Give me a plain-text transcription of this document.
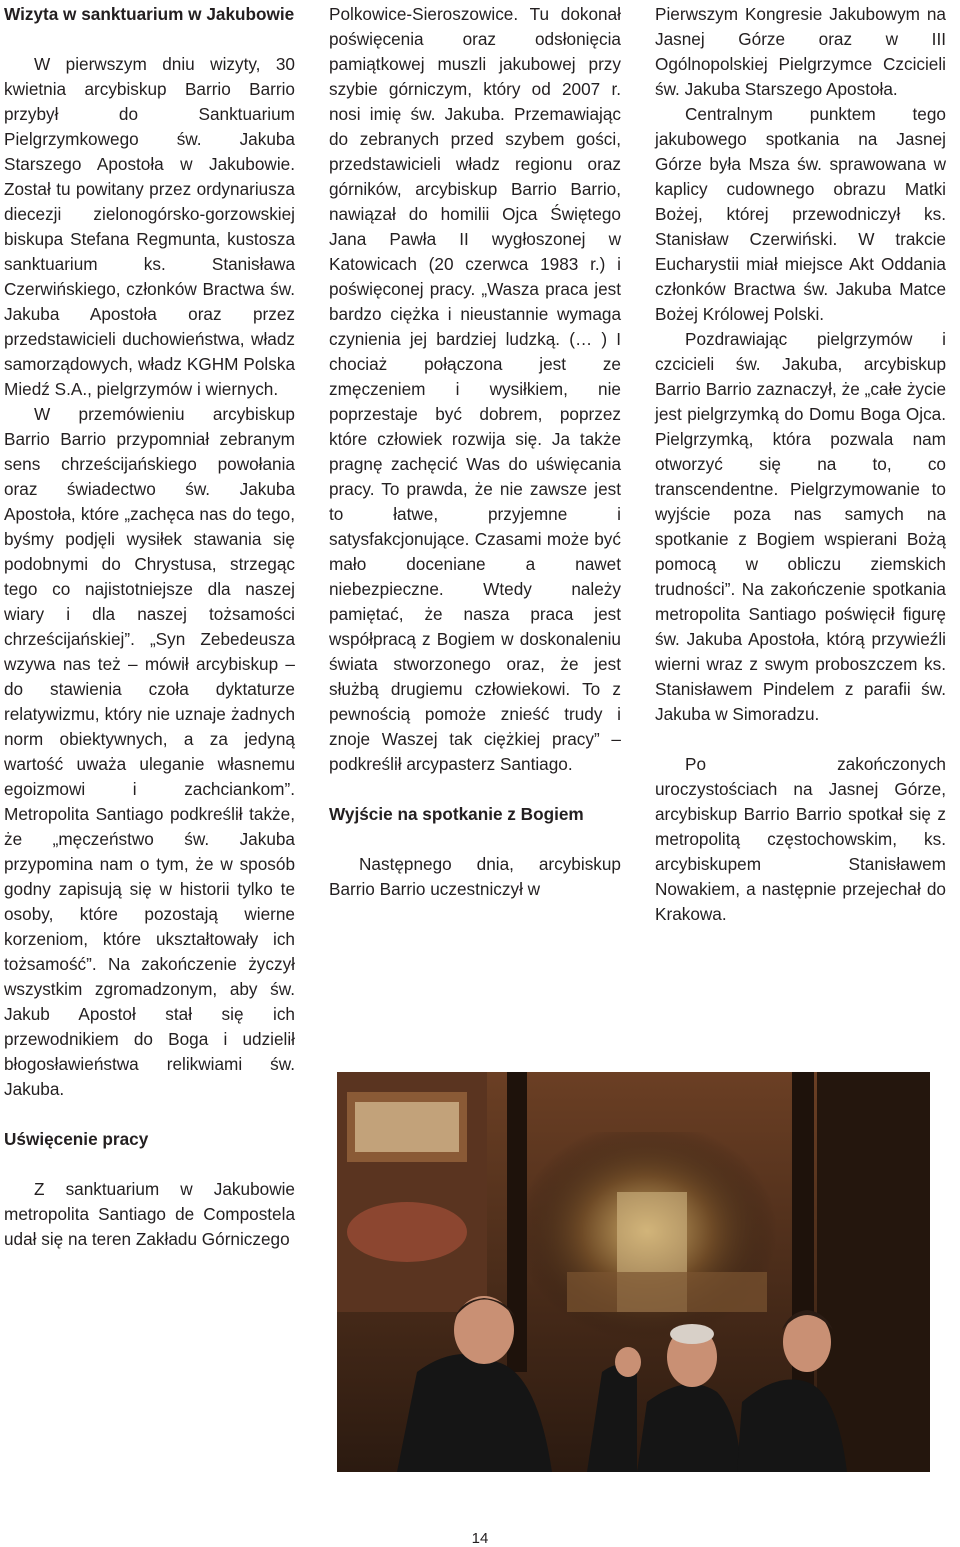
Wizyta w sanktuarium w Jakubowie

W pierwszym dniu wizyty, 30 kwietnia arcybiskup Barrio Barrio przybył do Sanktuarium Pielgrzymkowego św. Jakuba Starszego Apostoła w Jakubowie. Został tu powitany przez ordynariusza diecezji zielonogórsko-gorzowskiej biskupa Stefana Regmunta, kustosza sanktuarium ks. Stanisława Czerwińskiego, członków Bractwa św. Jakuba Apostoła oraz przez przedstawicieli duchowieństwa, władz samorządowych, władz KGHM Polska Miedź S.A., pielgrzymów i wiernych.

W przemówieniu arcybiskup Barrio Barrio przypomniał zebranym sens chrześcijańskiego powołania oraz świadectwo św. Jakuba Apostoła, które „zachęca nas do tego, byśmy podjęli wysiłek stawania się podobnymi do Chrystusa, strzegąc tego co najistotniejsze dla naszej wiary i dla naszej tożsamości chrześcijańskiej”. „Syn Zebedeusza wzywa nas też – mówił arcybiskup – do stawienia czoła dyktaturze relatywizmu, który nie uznaje żadnych norm obiektywnych, a za jedyną wartość uważa uleganie własnemu egoizmowi i zachciankom”. Metropolita Santiago podkreślił także, że „męczeństwo św. Jakuba przypomina nam o tym, że w sposób godny zapisują się w historii tylko te osoby, które pozostają wierne korzeniom, które ukształtowały ich tożsamość”. Na zakończenie życzył wszystkim zgromadzonym, aby św. Jakub Apostoł stał się ich przewodnikiem do Boga i udzielił błogosławieństwa relikwiami św. Jakuba.

Uświęcenie pracy

Z sanktuarium w Jakubowie metropolita Santiago de Compostela udał się na teren Zakładu Górniczego

Polkowice-Sieroszowice. Tu dokonał poświęcenia oraz odsłonięcia pamiątkowej muszli jakubowej przy szybie górniczym, który od 2007 r. nosi imię św. Jakuba. Przemawiając do zebranych przed szybem gości, przedstawicieli władz regionu oraz górników, arcybiskup Barrio Barrio, nawiązał do homilii Ojca Świętego Jana Pawła II wygłoszonej w Katowicach (20 czerwca 1983 r.) i poświęconej pracy. „Wasza praca jest bardzo ciężka i nieustannie wymaga czynienia jej bardziej ludzką. (… ) I chociaż połączona jest ze zmęczeniem i wysiłkiem, nie poprzestaje być dobrem, poprzez które człowiek rozwija się. Ja także pragnę zachęcić Was do uświęcania pracy. To prawda, że nie zawsze jest to łatwe, przyjemne i satysfakcjonujące. Czasami może być mało doceniane a nawet niebezpieczne. Wtedy należy pamiętać, że nasza praca jest współpracą z Bogiem w doskonaleniu świata stworzonego oraz, że jest służbą drugiemu człowiekowi. To z pewnością pomoże znieść trudy i znoje Waszej tak ciężkiej pracy” – podkreślił arcypasterz Santiago.

Wyjście na spotkanie z Bogiem

Następnego dnia, arcybiskup Barrio Barrio uczestniczył w

Pierwszym Kongresie Jakubowym na Jasnej Górze oraz w III Ogólnopolskiej Pielgrzymce Czcicieli św. Jakuba Starszego Apostoła.

Centralnym punktem tego jakubowego spotkania na Jasnej Górze była Msza św. sprawowana w kaplicy cudownego obrazu Matki Bożej, której przewodniczył ks. Stanisław Czerwiński. W trakcie Eucharystii miał miejsce Akt Oddania członków Bractwa św. Jakuba Matce Bożej Królowej Polski.

Pozdrawiając pielgrzymów i czcicieli św. Jakuba, arcybiskup Barrio Barrio zaznaczył, że „całe życie jest pielgrzymką do Domu Boga Ojca. Pielgrzymką, która pozwala nam otworzyć się na to, co transcendentne. Pielgrzymowanie to wyjście poza nas samych na spotkanie z Bogiem wspierani Bożą pomocą w obliczu ziemskich trudności”. Na zakończenie spotkania metropolita Santiago poświęcił figurę św. Jakuba Apostoła, którą przywieźli wierni wraz z swym proboszczem ks. Stanisławem Pindelem z parafii św. Jakuba w Simoradzu.

Po zakończonych uroczystościach na Jasnej Górze, arcybiskup Barrio Barrio spotkał się z metropolitą częstochowskim, ks. arcybiskupem Stanisławem Nowakiem, a następnie przejechał do Krakowa.

14
